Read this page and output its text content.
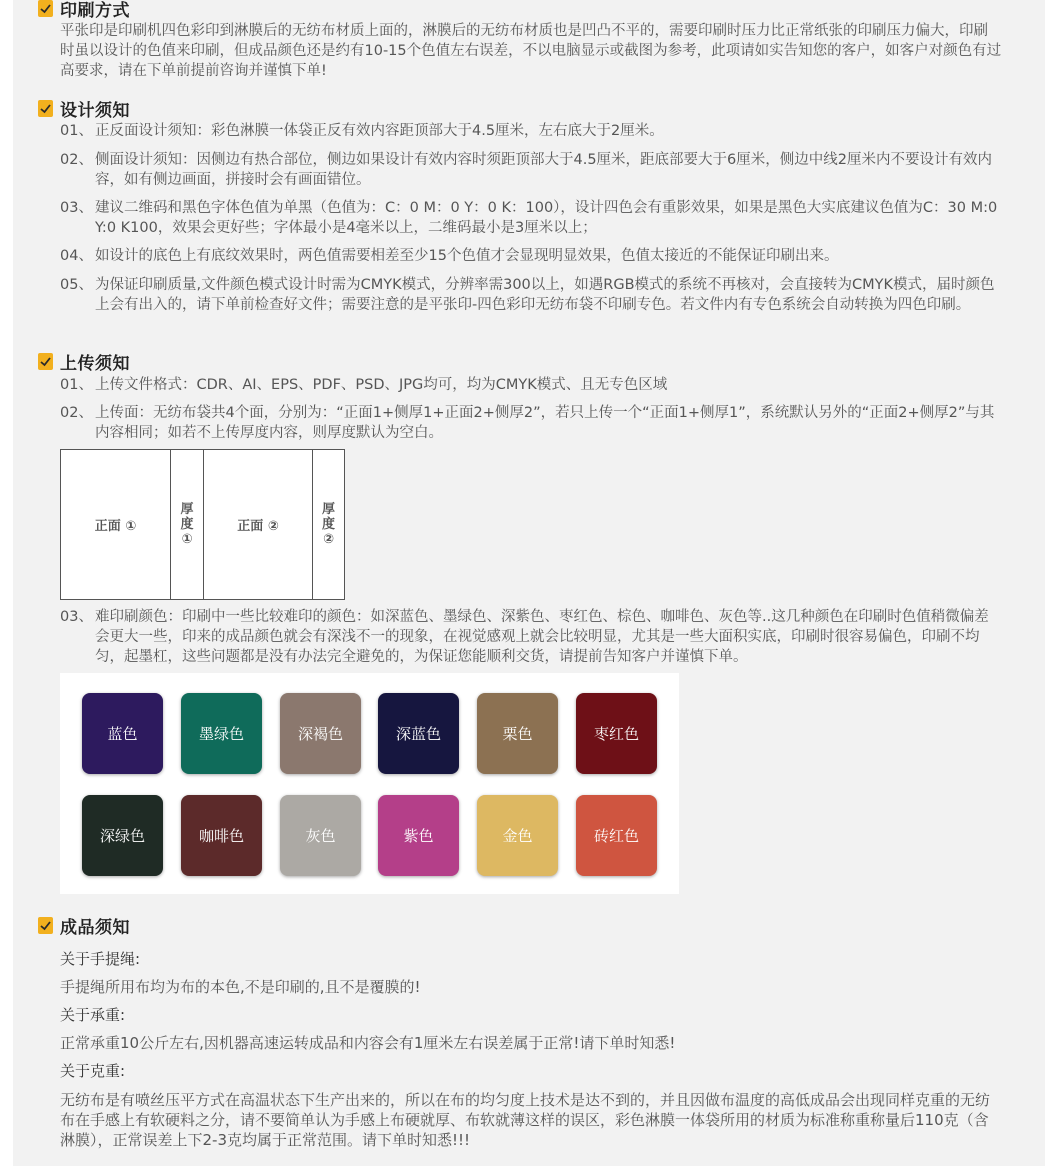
印刷方式
平张印是印刷机四色彩印到淋膜后的无纺布材质上面的，淋膜后的无纺布材质也是凹凸不平的，需要印刷时压力比正常纸张的印刷压力偏大，印刷时虽以设计的色值来印刷，但成品颜色还是约有10-15个色值左右误差，不以电脑显示或截图为参考，此项请如实告知您的客户，如客户对颜色有过高要求，请在下单前提前咨询并谨慎下单!
设计须知
01、 正反面设计须知：彩色淋膜一体袋正反有效内容距顶部大于4.5厘米，左右底大于2厘米。
02、 侧面设计须知：因侧边有热合部位，侧边如果设计有效内容时须距顶部大于4.5厘米，距底部要大于6厘米，侧边中线2厘米内不要设计有效内容，如有侧边画面，拼接时会有画面错位。
03、 建议二维码和黑色字体色值为单黑（色值为：C：0 M：0 Y：0 K：100），设计四色会有重影效果，如果是黑色大实底建议色值为C：30 M:0 Y:0 K100，效果会更好些；字体最小是4毫米以上，二维码最小是3厘米以上；
04、 如设计的底色上有底纹效果时，两色值需要相差至少15个色值才会显现明显效果，色值太接近的不能保证印刷出来。
05、 为保证印刷质量,文件颜色模式设计时需为CMYK模式，分辨率需300以上，如遇RGB模式的系统不再核对，会直接转为CMYK模式，届时颜色上会有出入的，请下单前检查好文件；需要注意的是平张印-四色彩印无纺布袋不印刷专色。若文件内有专色系统会自动转换为四色印刷。
上传须知
01、 上传文件格式：CDR、AI、EPS、PDF、PSD、JPG均可，均为CMYK模式、且无专色区域
02、 上传面：无纺布袋共4个面，分别为：“正面1+侧厚1+正面2+侧厚2”，若只上传一个“正面1+侧厚1”，系统默认另外的“正面2+侧厚2”与其内容相同；如若不上传厚度内容，则厚度默认为空白。
正面 ①
厚
度
①
正面 ②
厚
度
②
03、 难印刷颜色：印刷中一些比较难印的颜色：如深蓝色、墨绿色、深紫色、枣红色、棕色、咖啡色、灰色等..这几种颜色在印刷时色值稍微偏差会更大一些，印来的成品颜色就会有深浅不一的现象，在视觉感观上就会比较明显，尤其是一些大面积实底，印刷时很容易偏色，印刷不均匀，起墨杠，这些问题都是没有办法完全避免的，为保证您能顺利交货，请提前告知客户并谨慎下单。
蓝色	墨绿色	深褐色	深蓝色	栗色	枣红色
深绿色	咖啡色	灰色	紫色	金色	砖红色
成品须知
关于手提绳:
手提绳所用布均为布的本色,不是印刷的,且不是覆膜的!
关于承重:
正常承重10公斤左右,因机器高速运转成品和内容会有1厘米左右误差属于正常!请下单时知悉!
关于克重:
无纺布是有喷丝压平方式在高温状态下生产出来的，所以在布的均匀度上技术是达不到的，并且因做布温度的高低成品会出现同样克重的无纺布在手感上有软硬料之分，请不要简单认为手感上布硬就厚、布软就薄这样的误区，彩色淋膜一体袋所用的材质为标准称重称量后110克（含淋膜），正常误差上下2-3克均属于正常范围。请下单时知悉!!!
